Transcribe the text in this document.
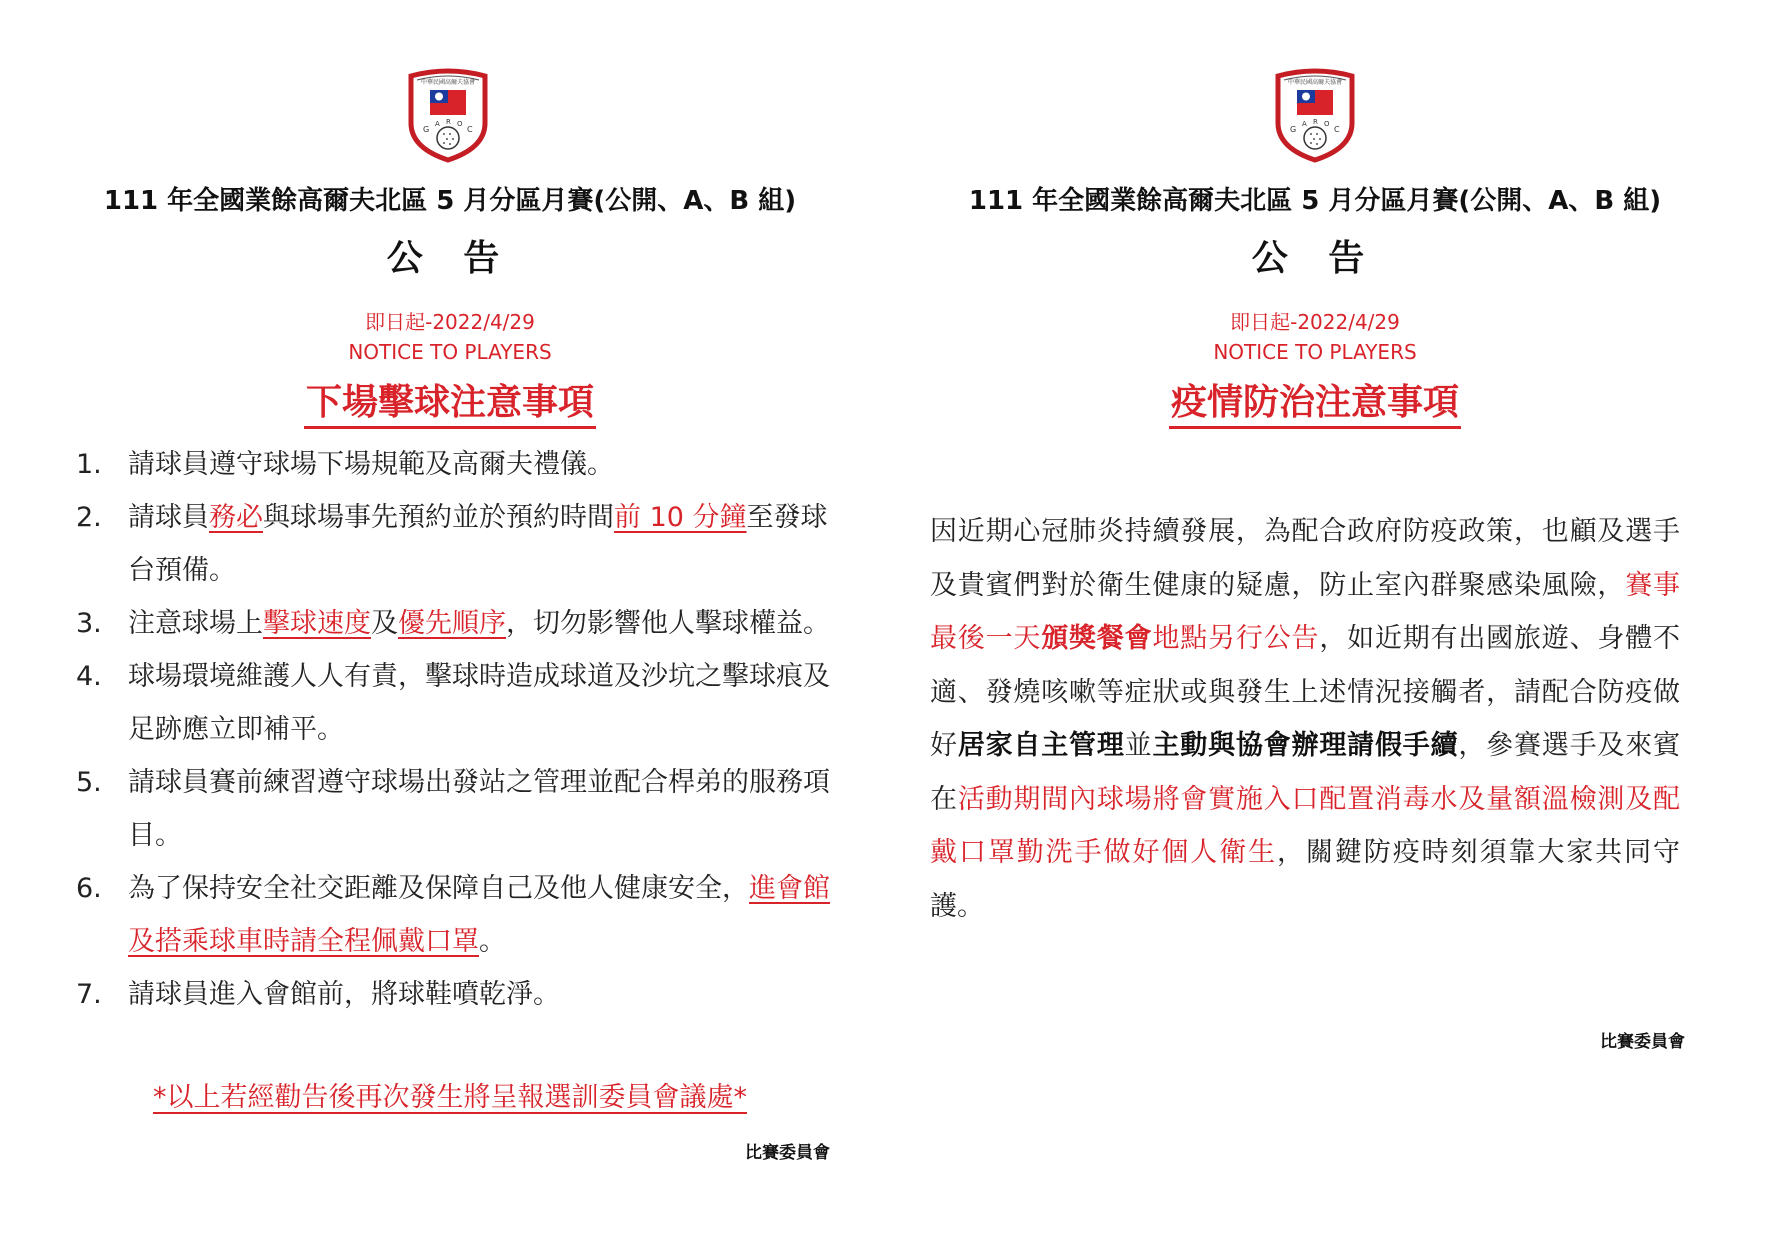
中華民國高爾夫協會
G
A R O
C
111 年全國業餘高爾夫北區 5 月分區月賽(公開、A、B 組)
公 告
即日起-2022/4/29
NOTICE TO PLAYERS
下場擊球注意事項
1. 請球員遵守球場下場規範及高爾夫禮儀。
2. 請球員務必與球場事先預約並於預約時間前 10 分鐘至發球台預備。
3. 注意球場上擊球速度及優先順序，切勿影響他人擊球權益。
4. 球場環境維護人人有責，擊球時造成球道及沙坑之擊球痕及足跡應立即補平。
5. 請球員賽前練習遵守球場出發站之管理並配合桿弟的服務項目。
6. 為了保持安全社交距離及保障自己及他人健康安全，進會館及搭乘球車時請全程佩戴口罩。
7. 請球員進入會館前，將球鞋噴乾淨。
*以上若經勸告後再次發生將呈報選訓委員會議處*
比賽委員會
中華民國高爾夫協會
G
A R O
C
111 年全國業餘高爾夫北區 5 月分區月賽(公開、A、B 組)
公 告
即日起-2022/4/29
NOTICE TO PLAYERS
疫情防治注意事項

因近期心冠肺炎持續發展，為配合政府防疫政策，也顧及選手及貴賓們對於衛生健康的疑慮，防止室內群聚感染風險，賽事最後一天頒獎餐會地點另行公告，如近期有出國旅遊、身體不適、發燒咳嗽等症狀或與發生上述情況接觸者，請配合防疫做好居家自主管理並主動與協會辦理請假手續，參賽選手及來賓在活動期間內球場將會實施入口配置消毒水及量額溫檢測及配戴口罩勤洗手做好個人衛生，關鍵防疫時刻須靠大家共同守護。

比賽委員會
